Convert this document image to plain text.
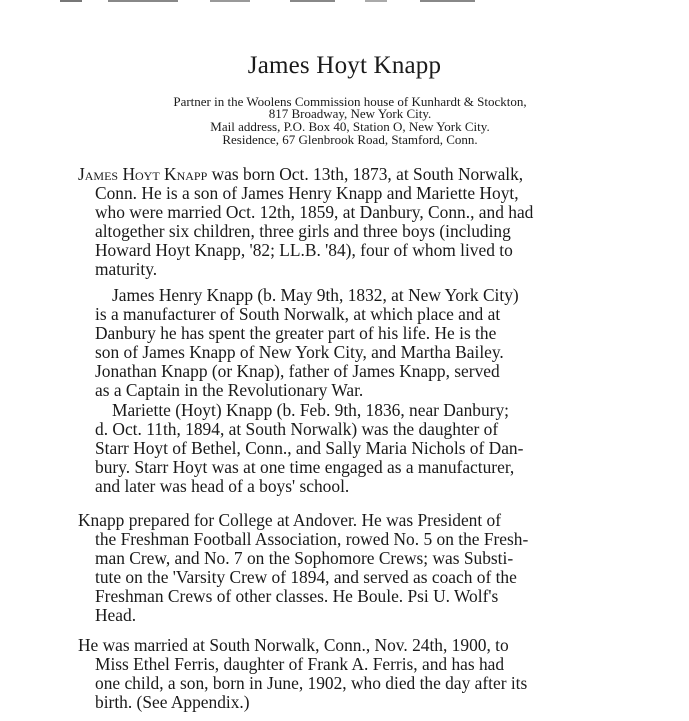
James Hoyt Knapp
Partner in the Woolens Commission house of Kunhardt & Stockton,
817 Broadway, New York City.
Mail address, P.O. Box 40, Station O, New York City.
Residence, 67 Glenbrook Road, Stamford, Conn.
James Hoyt Knapp was born Oct. 13th, 1873, at South Norwalk,
Conn. He is a son of James Henry Knapp and Mariette Hoyt,
who were married Oct. 12th, 1859, at Danbury, Conn., and had
altogether six children, three girls and three boys (including
Howard Hoyt Knapp, '82; LL.B. '84), four of whom lived to
maturity.
James Henry Knapp (b. May 9th, 1832, at New York City)
is a manufacturer of South Norwalk, at which place and at
Danbury he has spent the greater part of his life. He is the
son of James Knapp of New York City, and Martha Bailey.
Jonathan Knapp (or Knap), father of James Knapp, served
as a Captain in the Revolutionary War.
Mariette (Hoyt) Knapp (b. Feb. 9th, 1836, near Danbury;
d. Oct. 11th, 1894, at South Norwalk) was the daughter of
Starr Hoyt of Bethel, Conn., and Sally Maria Nichols of Dan-
bury. Starr Hoyt was at one time engaged as a manufacturer,
and later was head of a boys' school.
Knapp prepared for College at Andover. He was President of
the Freshman Football Association, rowed No. 5 on the Fresh-
man Crew, and No. 7 on the Sophomore Crews; was Substi-
tute on the 'Varsity Crew of 1894, and served as coach of the
Freshman Crews of other classes. He Boule. Psi U. Wolf's
Head.
He was married at South Norwalk, Conn., Nov. 24th, 1900, to
Miss Ethel Ferris, daughter of Frank A. Ferris, and has had
one child, a son, born in June, 1902, who died the day after its
birth. (See Appendix.)
